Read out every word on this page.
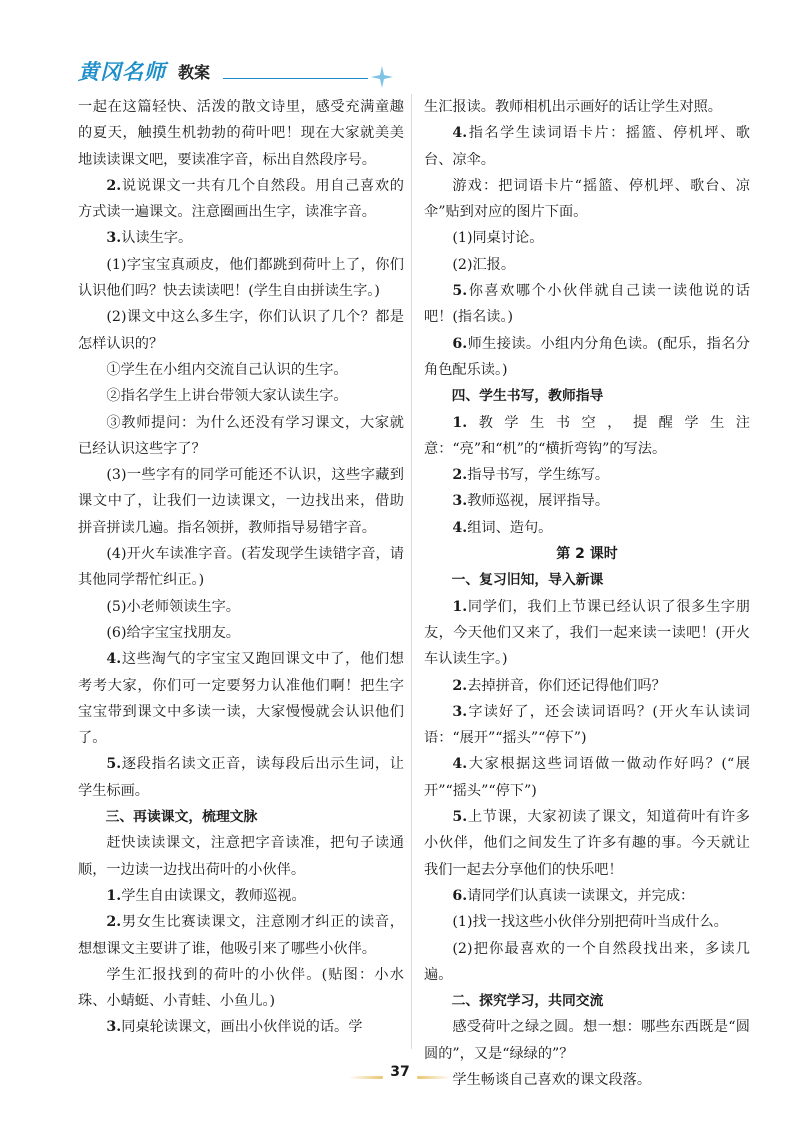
黄冈名师 教案

一起在这篇轻快、活泼的散文诗里，感受充满童趣的夏天，触摸生机勃勃的荷叶吧！现在大家就美美地读读课文吧，要读准字音，标出自然段序号。

2.说说课文一共有几个自然段。用自己喜欢的方式读一遍课文。注意圈画出生字，读准字音。

3.认读生字。

(1)字宝宝真顽皮，他们都跳到荷叶上了，你们认识他们吗？快去读读吧！(学生自由拼读生字。)

(2)课文中这么多生字，你们认识了几个？都是怎样认识的？

①学生在小组内交流自己认识的生字。

②指名学生上讲台带领大家认读生字。

③教师提问：为什么还没有学习课文，大家就已经认识这些字了？

(3)一些字有的同学可能还不认识，这些字藏到课文中了，让我们一边读课文，一边找出来，借助拼音拼读几遍。指名领拼，教师指导易错字音。

(4)开火车读准字音。(若发现学生读错字音，请其他同学帮忙纠正。)

(5)小老师领读生字。

(6)给字宝宝找朋友。

4.这些淘气的字宝宝又跑回课文中了，他们想考考大家，你们可一定要努力认准他们啊！把生字宝宝带到课文中多读一读，大家慢慢就会认识他们了。

5.逐段指名读文正音，读每段后出示生词，让学生标画。

三、再读课文，梳理文脉

赶快读读课文，注意把字音读准，把句子读通顺，一边读一边找出荷叶的小伙伴。

1.学生自由读课文，教师巡视。

2.男女生比赛读课文，注意刚才纠正的读音，想想课文主要讲了谁，他吸引来了哪些小伙伴。

学生汇报找到的荷叶的小伙伴。(贴图：小水珠、小蜻蜓、小青蛙、小鱼儿。)

3.同桌轮读课文，画出小伙伴说的话。学

生汇报读。教师相机出示画好的话让学生对照。

4.指名学生读词语卡片：摇篮、停机坪、歌台、凉伞。

游戏：把词语卡片“摇篮、停机坪、歌台、凉伞”贴到对应的图片下面。

(1)同桌讨论。

(2)汇报。

5.你喜欢哪个小伙伴就自己读一读他说的话吧！(指名读。)

6.师生接读。小组内分角色读。(配乐，指名分角色配乐读。)

四、学生书写，教师指导

1.教学生书空，提醒学生注意：“亮”和“机”的“横折弯钩”的写法。

2.指导书写，学生练写。

3.教师巡视，展评指导。

4.组词、造句。

第 2 课时

一、复习旧知，导入新课

1.同学们，我们上节课已经认识了很多生字朋友，今天他们又来了，我们一起来读一读吧！(开火车认读生字。)

2.去掉拼音，你们还记得他们吗？

3.字读好了，还会读词语吗？(开火车认读词语：“展开”“摇头”“停下”)

4.大家根据这些词语做一做动作好吗？(“展开”“摇头”“停下”)

5.上节课，大家初读了课文，知道荷叶有许多小伙伴，他们之间发生了许多有趣的事。今天就让我们一起去分享他们的快乐吧！

6.请同学们认真读一读课文，并完成：

(1)找一找这些小伙伴分别把荷叶当成什么。

(2)把你最喜欢的一个自然段找出来，多读几遍。

二、探究学习，共同交流

感受荷叶之绿之圆。想一想：哪些东西既是“圆圆的”，又是“绿绿的”？

学生畅谈自己喜欢的课文段落。

37
